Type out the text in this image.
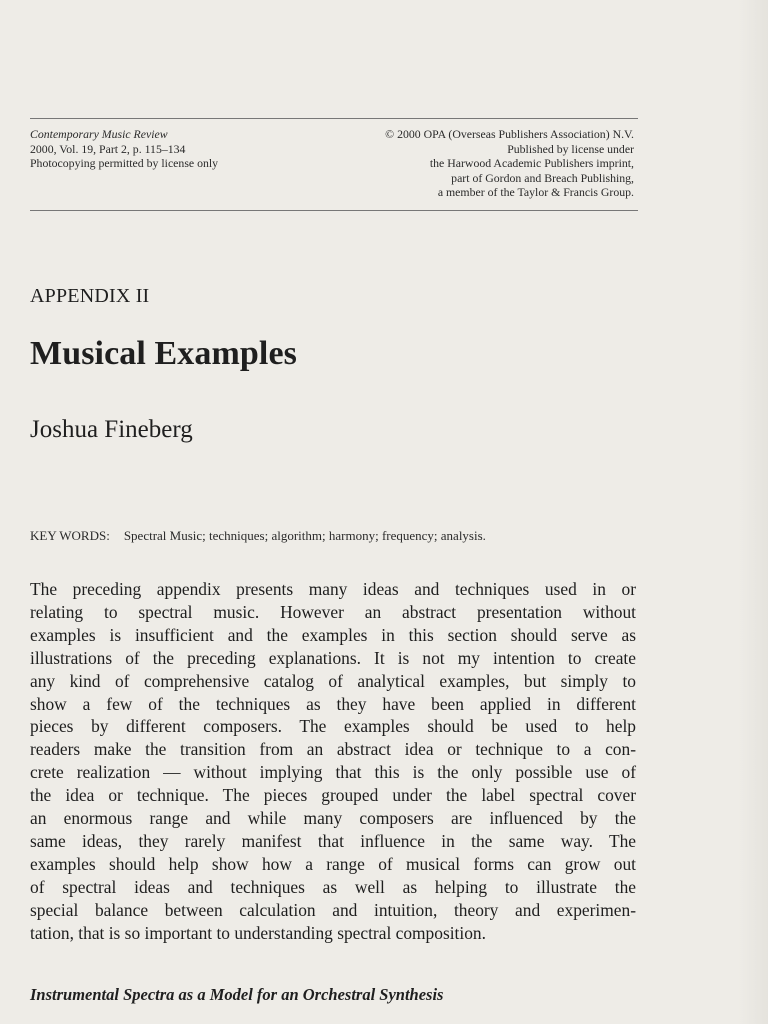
Contemporary Music Review
2000, Vol. 19, Part 2, p. 115–134
Photocopying permitted by license only
© 2000 OPA (Overseas Publishers Association) N.V.
Published by license under
the Harwood Academic Publishers imprint,
part of Gordon and Breach Publishing,
a member of the Taylor & Francis Group.
APPENDIX II
Musical Examples
Joshua Fineberg
KEY WORDS: Spectral Music; techniques; algorithm; harmony; frequency; analysis.
The preceding appendix presents many ideas and techniques used in or
relating to spectral music. However an abstract presentation without
examples is insufficient and the examples in this section should serve as
illustrations of the preceding explanations. It is not my intention to create
any kind of comprehensive catalog of analytical examples, but simply to
show a few of the techniques as they have been applied in different
pieces by different composers. The examples should be used to help
readers make the transition from an abstract idea or technique to a con-
crete realization — without implying that this is the only possible use of
the idea or technique. The pieces grouped under the label spectral cover
an enormous range and while many composers are influenced by the
same ideas, they rarely manifest that influence in the same way. The
examples should help show how a range of musical forms can grow out
of spectral ideas and techniques as well as helping to illustrate the
special balance between calculation and intuition, theory and experimen-
tation, that is so important to understanding spectral composition.
Instrumental Spectra as a Model for an Orchestral Synthesis
